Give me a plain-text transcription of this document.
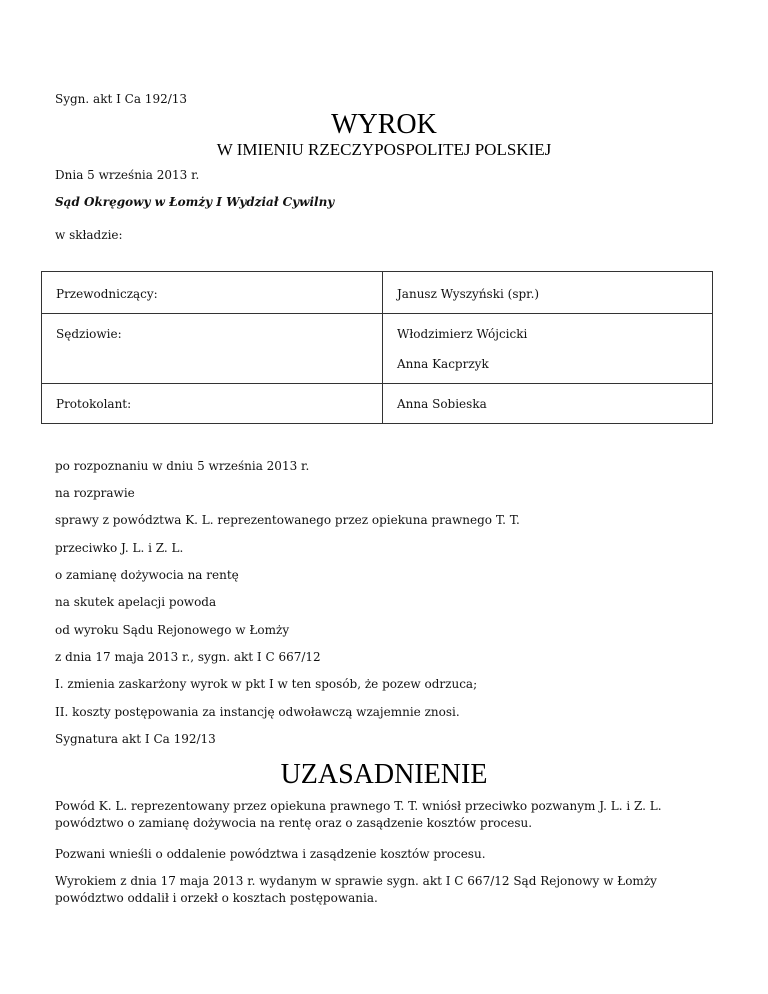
Sygn. akt I Ca 192/13

WYROK
W IMIENIU RZECZYPOSPOLITEJ POLSKIEJ

Dnia 5 września 2013 r.

Sąd Okręgowy w Łomży I Wydział Cywilny

w składzie:

Przewodniczący:	Janusz Wyszyński (spr.)

Sędziowie:	Włodzimierz Wójcicki
Anna Kacprzyk

Protokolant:	Anna Sobieska

po rozpoznaniu w dniu 5 września 2013 r.

na rozprawie

sprawy z powództwa K. L. reprezentowanego przez opiekuna prawnego T. T.

przeciwko J. L. i Z. L.

o zamianę dożywocia na rentę

na skutek apelacji powoda

od wyroku Sądu Rejonowego w Łomży

z dnia 17 maja 2013 r., sygn. akt I C 667/12

I. zmienia zaskarżony wyrok w pkt I w ten sposób, że pozew odrzuca;

II. koszty postępowania za instancję odwoławczą wzajemnie znosi.

Sygnatura akt I Ca 192/13

UZASADNIENIE

Powód K. L. reprezentowany przez opiekuna prawnego T. T. wniósł przeciwko pozwanym J. L. i Z. L. powództwo o zamianę dożywocia na rentę oraz o zasądzenie kosztów procesu.

Pozwani wnieśli o oddalenie powództwa i zasądzenie kosztów procesu.

Wyrokiem z dnia 17 maja 2013 r. wydanym w sprawie sygn. akt I C 667/12 Sąd Rejonowy w Łomży powództwo oddalił i orzekł o kosztach postępowania.
